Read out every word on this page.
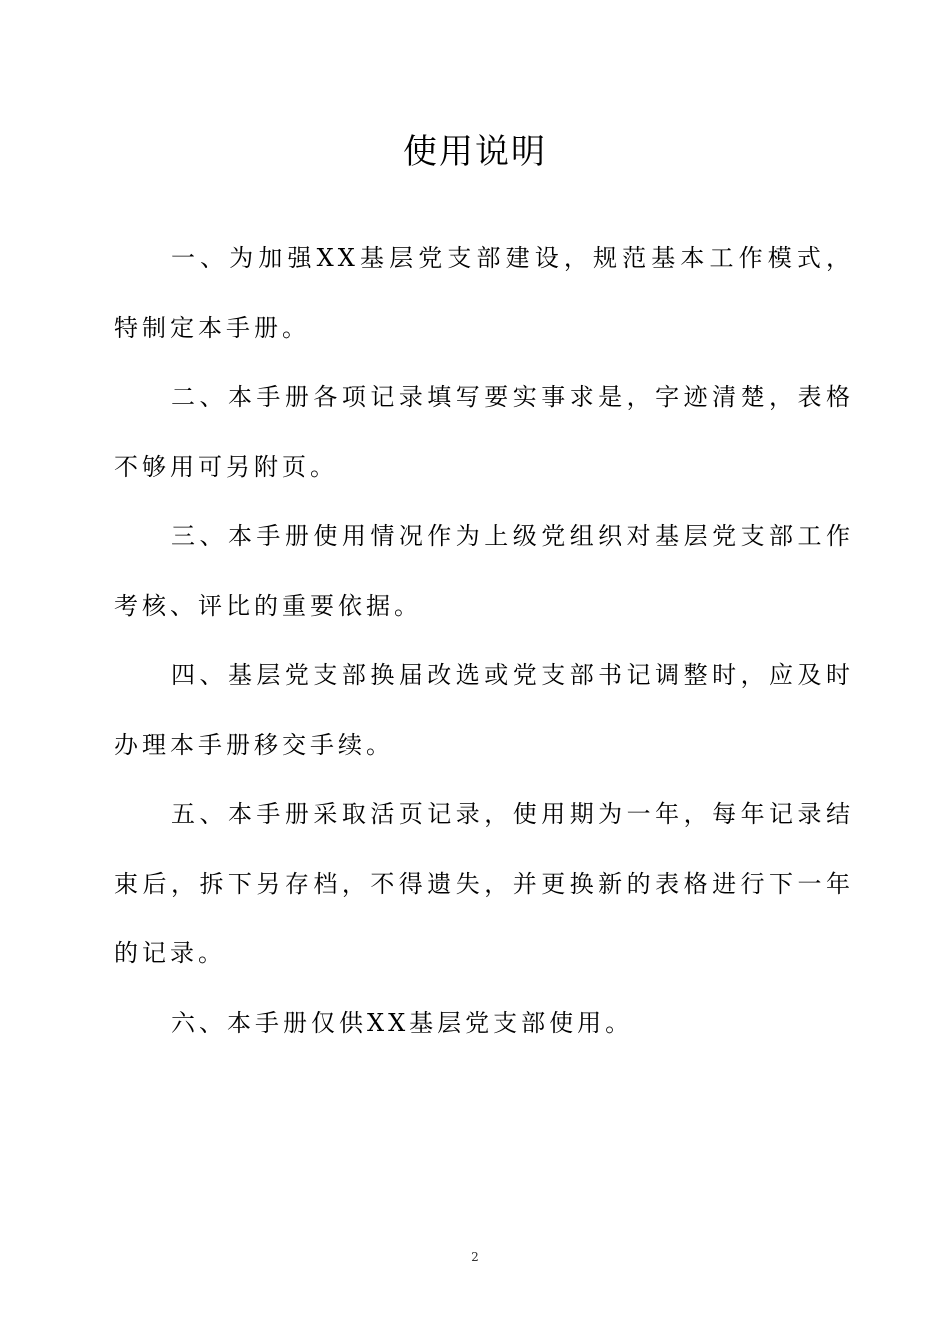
使用说明

一、为加强XX基层党支部建设，规范基本工作模式，特制定本手册。

二、本手册各项记录填写要实事求是，字迹清楚，表格不够用可另附页。

三、本手册使用情况作为上级党组织对基层党支部工作考核、评比的重要依据。

四、基层党支部换届改选或党支部书记调整时，应及时办理本手册移交手续。

五、本手册采取活页记录，使用期为一年，每年记录结束后，拆下另存档，不得遗失，并更换新的表格进行下一年的记录。

六、本手册仅供XX基层党支部使用。

2
